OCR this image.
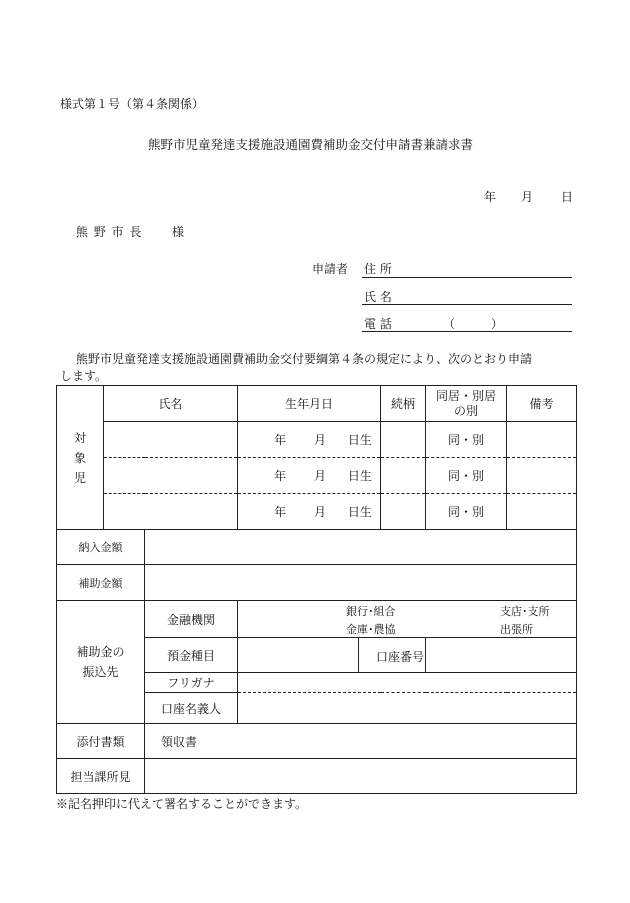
様式第１号（第４条関係）
熊野市児童発達支援施設通園費補助金交付申請書兼請求書
年 月 日
熊 野 市 長 様
申請者 住 所
氏 名
電 話	（　　　）
熊野市児童発達支援施設通園費補助金交付要綱第４条の規定により、次のとおり申請
します。
対象児	氏名		生年月日	続柄	同居・別居の別	備考
			年 月 日生		同・別	
			年 月 日生		同・別	
			年 月 日生		同・別	
納入金額						
補助金額						
補助金の振込先		金融機関	銀行･組合
金庫･農協
支店･支所
出張所			

		預金種目	口座番号			

		フリガナ				
		口座名義人				
添付書類		領収書				
担当課所見						
※記名押印に代えて署名することができます。
